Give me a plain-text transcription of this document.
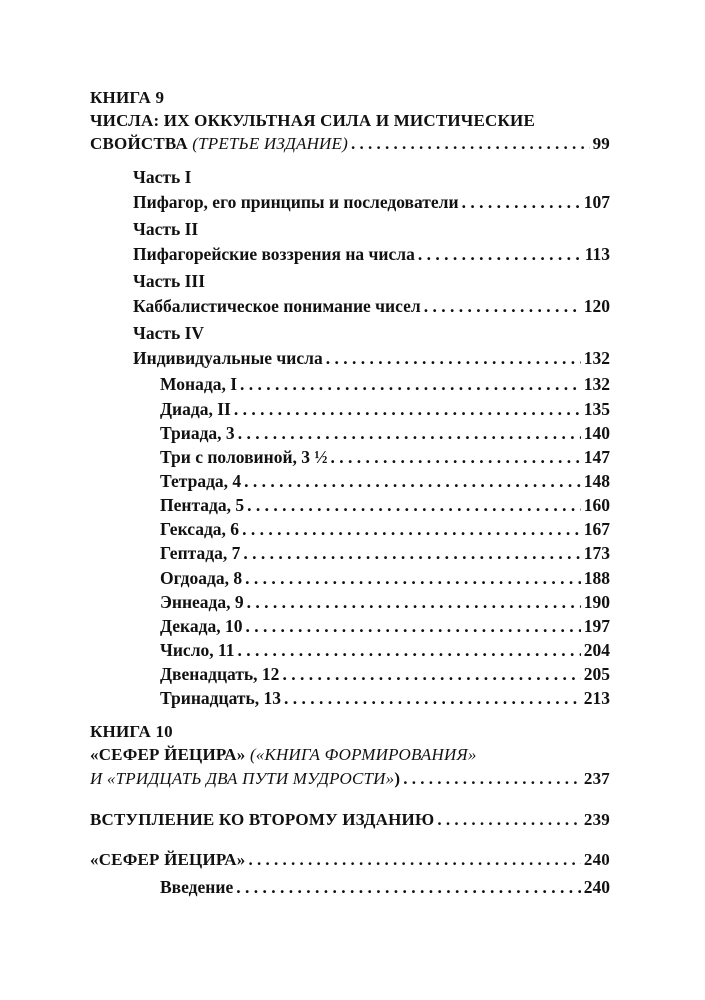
КНИГА 9
ЧИСЛА: ИХ ОККУЛЬТНАЯ СИЛА И МИСТИЧЕСКИЕ
СВОЙСТВА (ТРЕТЬЕ ИЗДАНИЕ) . . .	99
Часть I
Пифагор, его принципы и последователи . . .	107
Часть II
Пифагорейские воззрения на числа . . .	113
Часть III
Каббалистическое понимание чисел . . .	120
Часть IV
Индивидуальные числа . . .	132
Монада, I . . .	132
Диада, II . . .	135
Триада, 3 . . .	140
Три с половиной, 3 ½ . . .	147
Тетрада, 4 . . .	148
Пентада, 5 . . .	160
Гексада, 6 . . .	167
Гептада, 7 . . .	173
Огдоада, 8 . . .	188
Эннеада, 9 . . .	190
Декада, 10 . . .	197
Число, 11 . . .	204
Двенадцать, 12 . . .	205
Тринадцать, 13 . . .	213
КНИГА 10
«СЕФЕР ЙЕЦИРА» («КНИГА ФОРМИРОВАНИЯ»
И «ТРИДЦАТЬ ДВА ПУТИ МУДРОСТИ») . . .	237
ВСТУПЛЕНИЕ КО ВТОРОМУ ИЗДАНИЮ . . .	239
«СЕФЕР ЙЕЦИРА» . . .	240
Введение . . .	240
